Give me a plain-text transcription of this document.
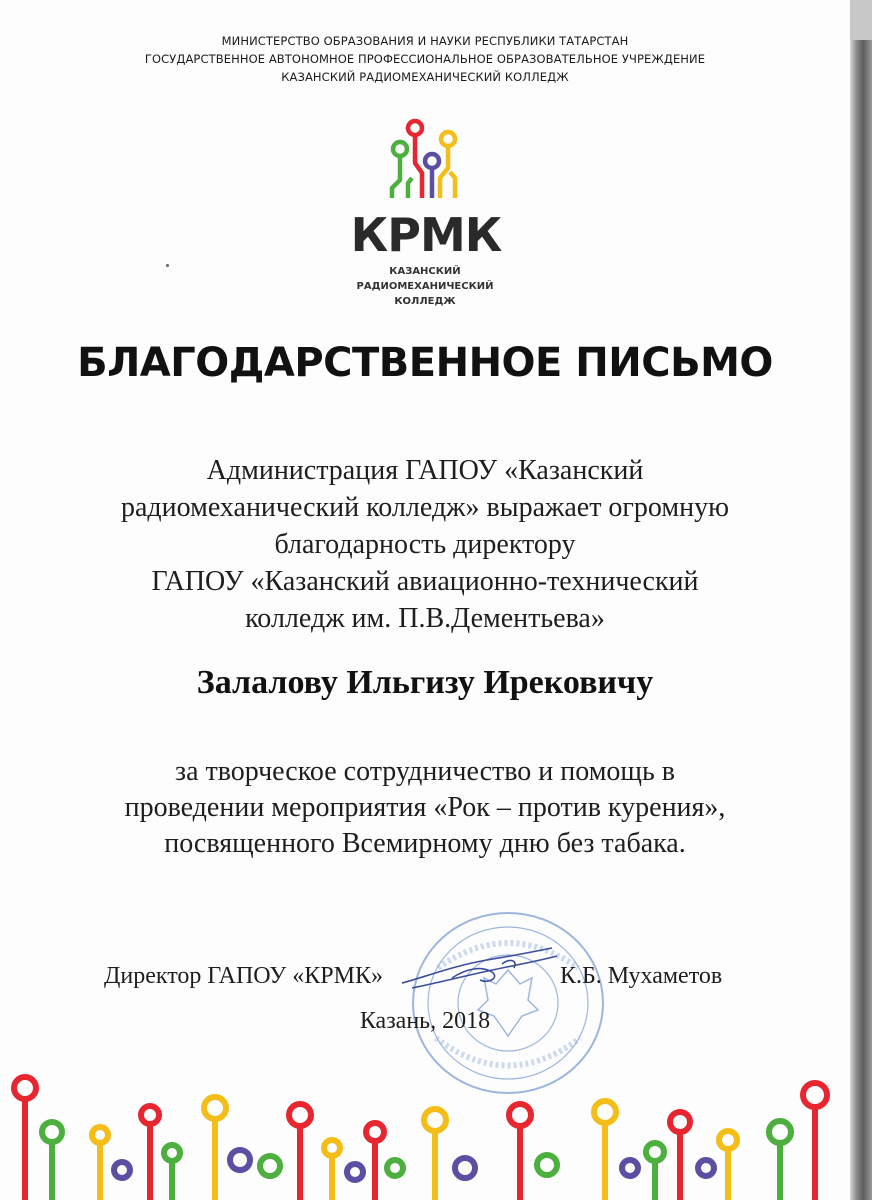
МИНИСТЕРСТВО ОБРАЗОВАНИЯ И НАУКИ РЕСПУБЛИКИ ТАТАРСТАН
ГОСУДАРСТВЕННОЕ АВТОНОМНОЕ ПРОФЕССИОНАЛЬНОЕ ОБРАЗОВАТЕЛЬНОЕ УЧРЕЖДЕНИЕ
КАЗАНСКИЙ РАДИОМЕХАНИЧЕСКИЙ КОЛЛЕДЖ
КРМК
КАЗАНСКИЙ
РАДИОМЕХАНИЧЕСКИЙ
КОЛЛЕДЖ
БЛАГОДАРСТВЕННОЕ ПИСЬМО
Администрация ГАПОУ «Казанский
радиомеханический колледж» выражает огромную
благодарность директору
ГАПОУ «Казанский авиационно-технический
колледж им. П.В.Дементьева»
Залалову Ильгизу Ирековичу
за творческое сотрудничество и помощь в
проведении мероприятия «Рок – против курения»,
посвященного Всемирному дню без табака.
Директор ГАПОУ «КРМК»	К.Б. Мухаметов
Казань, 2018
